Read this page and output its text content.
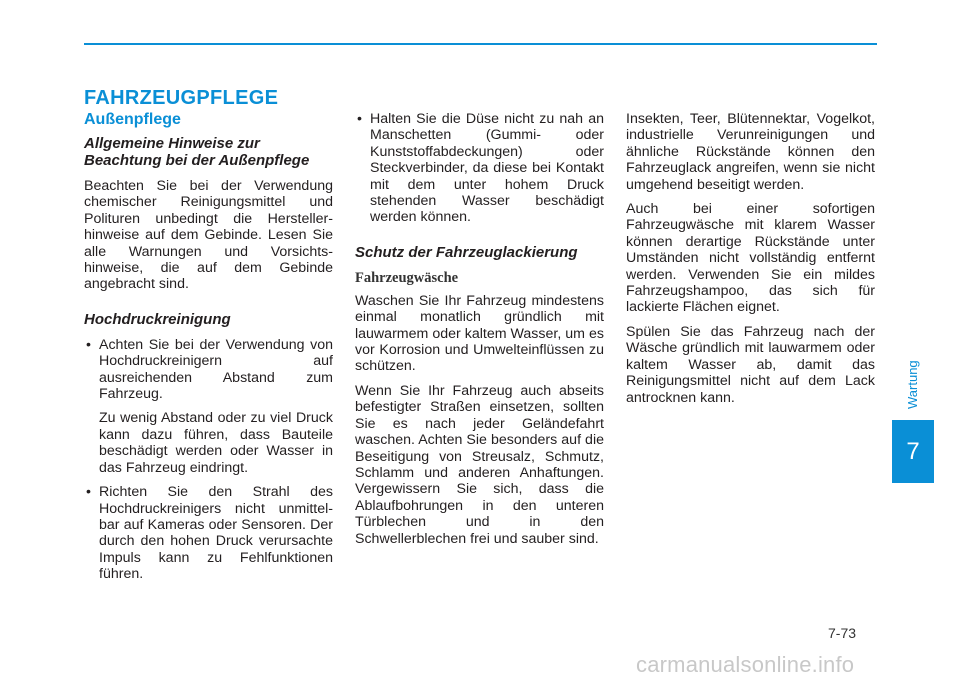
FAHRZEUGPFLEGE
Außenpflege
Allgemeine Hinweise zur Beachtung bei der Außenpflege

Beachten Sie bei der Verwendung chemischer Reinigungsmittel und Polituren unbedingt die Hersteller-hinweise auf dem Gebinde. Lesen Sie alle Warnungen und Vorsichts-hinweise, die auf dem Gebinde angebracht sind.

Hochdruckreinigung
• Achten Sie bei der Verwendung von Hochdruckreinigern auf ausreichenden Abstand zum Fahrzeug.

Zu wenig Abstand oder zu viel Druck kann dazu führen, dass Bauteile beschädigt werden oder Wasser in das Fahrzeug eindringt.

• Richten Sie den Strahl des Hochdruckreinigers nicht unmittel-bar auf Kameras oder Sensoren. Der durch den hohen Druck verursachte Impuls kann zu Fehlfunktionen führen.
• Halten Sie die Düse nicht zu nah an Manschetten (Gummi- oder Kunststoffabdeckungen) oder Steckverbinder, da diese bei Kontakt mit dem unter hohem Druck stehenden Wasser beschädigt werden können.
Schutz der Fahrzeuglackierung
Fahrzeugwäsche

Waschen Sie Ihr Fahrzeug mindestens einmal monatlich gründlich mit lauwarmem oder kaltem Wasser, um es vor Korrosion und Umwelteinflüssen zu schützen.

Wenn Sie Ihr Fahrzeug auch abseits befestigter Straßen einsetzen, sollten Sie es nach jeder Geländefahrt waschen. Achten Sie besonders auf die Beseitigung von Streusalz, Schmutz, Schlamm und anderen Anhaftungen. Vergewissern Sie sich, dass die Ablaufbohrungen in den unteren Türblechen und in den Schwellerblechen frei und sauber sind.

Insekten, Teer, Blütennektar, Vogelkot, industrielle Verunreinigungen und ähnliche Rückstände können den Fahrzeuglack angreifen, wenn sie nicht umgehend beseitigt werden.

Auch bei einer sofortigen Fahrzeugwäsche mit klarem Wasser können derartige Rückstände unter Umständen nicht vollständig entfernt werden. Verwenden Sie ein mildes Fahrzeugshampoo, das sich für lackierte Flächen eignet.

Spülen Sie das Fahrzeug nach der Wäsche gründlich mit lauwarmem oder kaltem Wasser ab, damit das Reinigungsmittel nicht auf dem Lack antrocknen kann.	Wartung
7
7-73
carmanualsonline.info
